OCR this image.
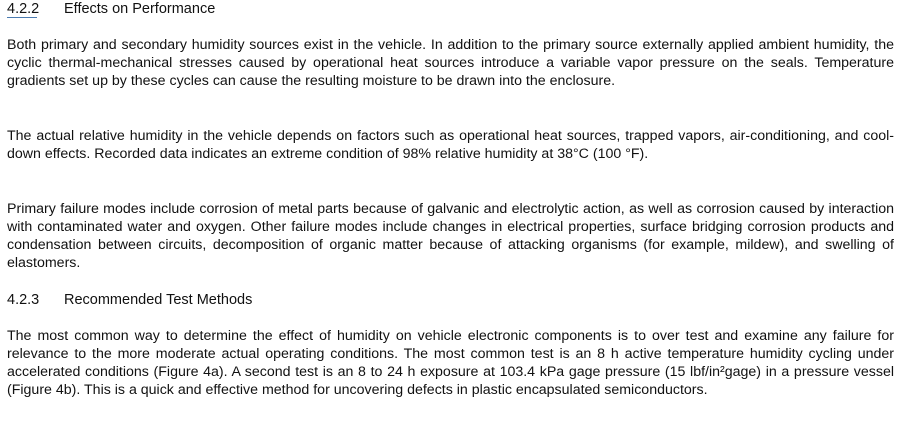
4.2.2 Effects on Performance

Both primary and secondary humidity sources exist in the vehicle. In addition to the primary source externally applied ambient humidity, the cyclic thermal-mechanical stresses caused by operational heat sources introduce a variable vapor pressure on the seals. Temperature gradients set up by these cycles can cause the resulting moisture to be drawn into the enclosure.

The actual relative humidity in the vehicle depends on factors such as operational heat sources, trapped vapors, air-conditioning, and cool-down effects. Recorded data indicates an extreme condition of 98% relative humidity at 38°C (100 °F).

Primary failure modes include corrosion of metal parts because of galvanic and electrolytic action, as well as corrosion caused by interaction with contaminated water and oxygen. Other failure modes include changes in electrical properties, surface bridging corrosion products and condensation between circuits, decomposition of organic matter because of attacking organisms (for example, mildew), and swelling of elastomers.

4.2.3 Recommended Test Methods

The most common way to determine the effect of humidity on vehicle electronic components is to over test and examine any failure for relevance to the more moderate actual operating conditions. The most common test is an 8 h active temperature humidity cycling under accelerated conditions (Figure 4a). A second test is an 8 to 24 h exposure at 103.4 kPa gage pressure (15 lbf/in²gage) in a pressure vessel (Figure 4b). This is a quick and effective method for uncovering defects in plastic encapsulated semiconductors.
